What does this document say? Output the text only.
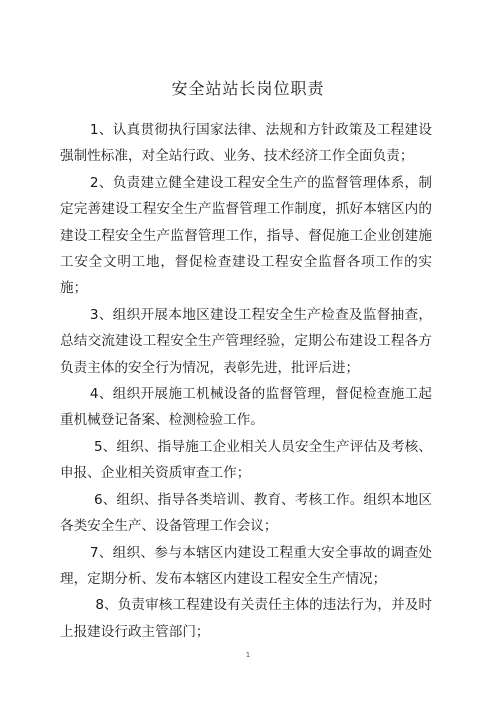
安全站站长岗位职责

1、认真贯彻执行国家法律、法规和方针政策及工程建设强制性标准，对全站行政、业务、技术经济工作全面负责；

2、负责建立健全建设工程安全生产的监督管理体系，制定完善建设工程安全生产监督管理工作制度，抓好本辖区内的建设工程安全生产监督管理工作，指导、督促施工企业创建施工安全文明工地，督促检查建设工程安全监督各项工作的实施；

3、组织开展本地区建设工程安全生产检查及监督抽查，总结交流建设工程安全生产管理经验，定期公布建设工程各方负责主体的安全行为情况，表彰先进，批评后进；

4、组织开展施工机械设备的监督管理，督促检查施工起重机械登记备案、检测检验工作。

5、组织、指导施工企业相关人员安全生产评估及考核、申报、企业相关资质审查工作；

6、组织、指导各类培训、教育、考核工作。组织本地区各类安全生产、设备管理工作会议；

7、组织、参与本辖区内建设工程重大安全事故的调查处理，定期分析、发布本辖区内建设工程安全生产情况；

8、负责审核工程建设有关责任主体的违法行为，并及时上报建设行政主管部门；

1
